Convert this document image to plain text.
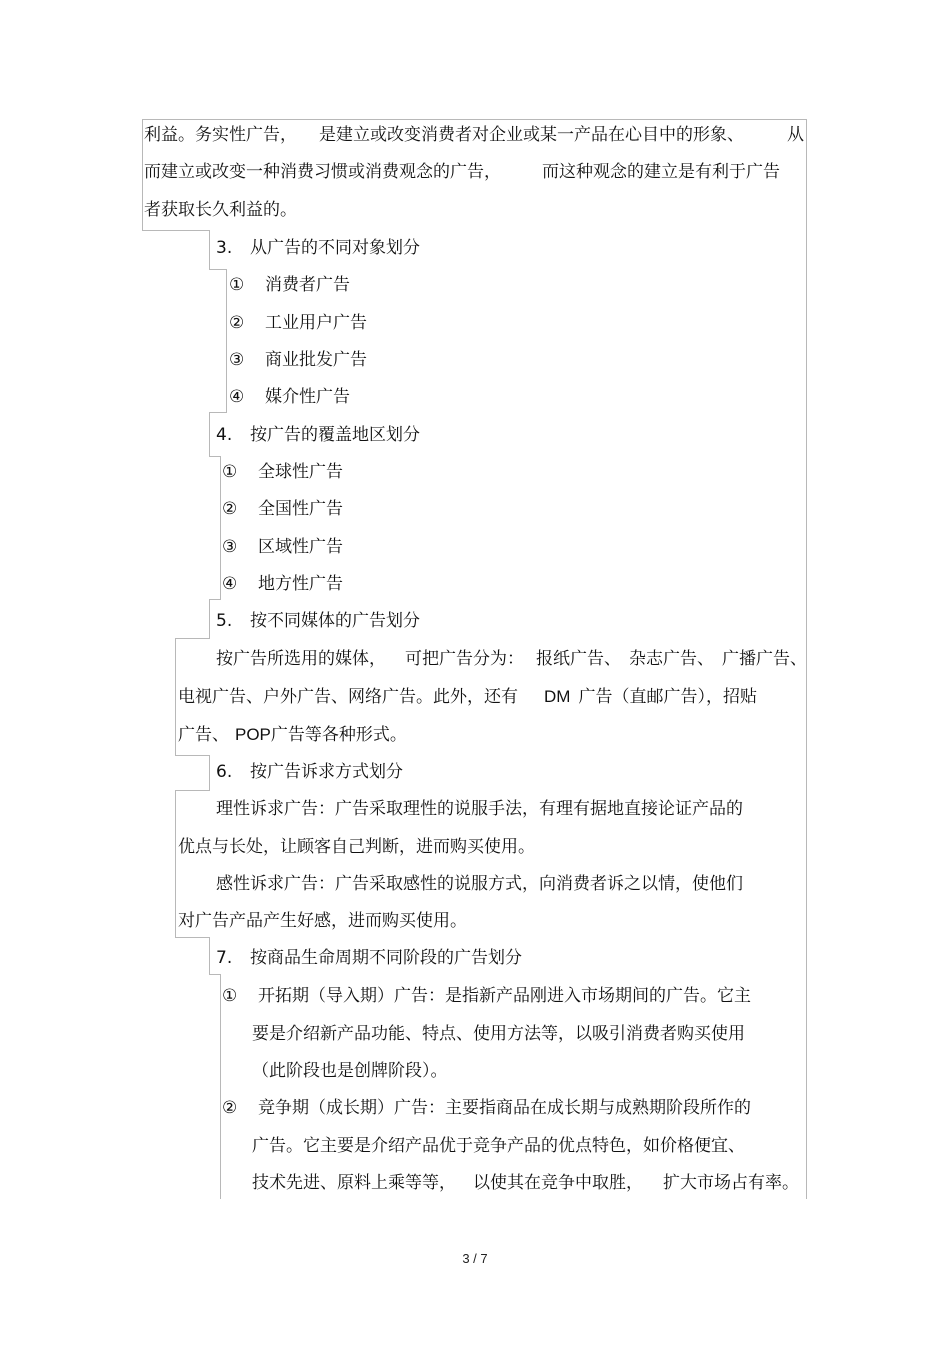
利益。务实性广告， 是建立或改变消费者对企业或某一产品在心目中的形象、	从
而建立或改变一种消费习惯或消费观念的广告， 而这种观念的建立是有利于广告
者获取长久利益的。
3. 从广告的不同对象划分
① 消费者广告
② 工业用户广告
③ 商业批发广告
④ 媒介性广告
4. 按广告的覆盖地区划分
① 全球性广告
② 全国性广告
③ 区域性广告
④ 地方性广告
5. 按不同媒体的广告划分
按广告所选用的媒体， 可把广告分为： 报纸广告、 杂志广告、 广播广告、
电视广告、户外广告、网络广告。此外，还有 DM 广告（直邮广告），招贴
广告、 POP广告等各种形式。
6. 按广告诉求方式划分
理性诉求广告：广告采取理性的说服手法，有理有据地直接论证产品的
优点与长处，让顾客自己判断，进而购买使用。
感性诉求广告：广告采取感性的说服方式，向消费者诉之以情，使他们
对广告产品产生好感，进而购买使用。
7. 按商品生命周期不同阶段的广告划分
① 开拓期（导入期）广告：是指新产品刚进入市场期间的广告。它主
要是介绍新产品功能、特点、使用方法等，以吸引消费者购买使用
（此阶段也是创牌阶段）。
② 竞争期（成长期）广告：主要指商品在成长期与成熟期阶段所作的
广告。它主要是介绍产品优于竞争产品的优点特色，如价格便宜、
技术先进、原料上乘等等， 以使其在竞争中取胜， 扩大市场占有率。
3 / 7
